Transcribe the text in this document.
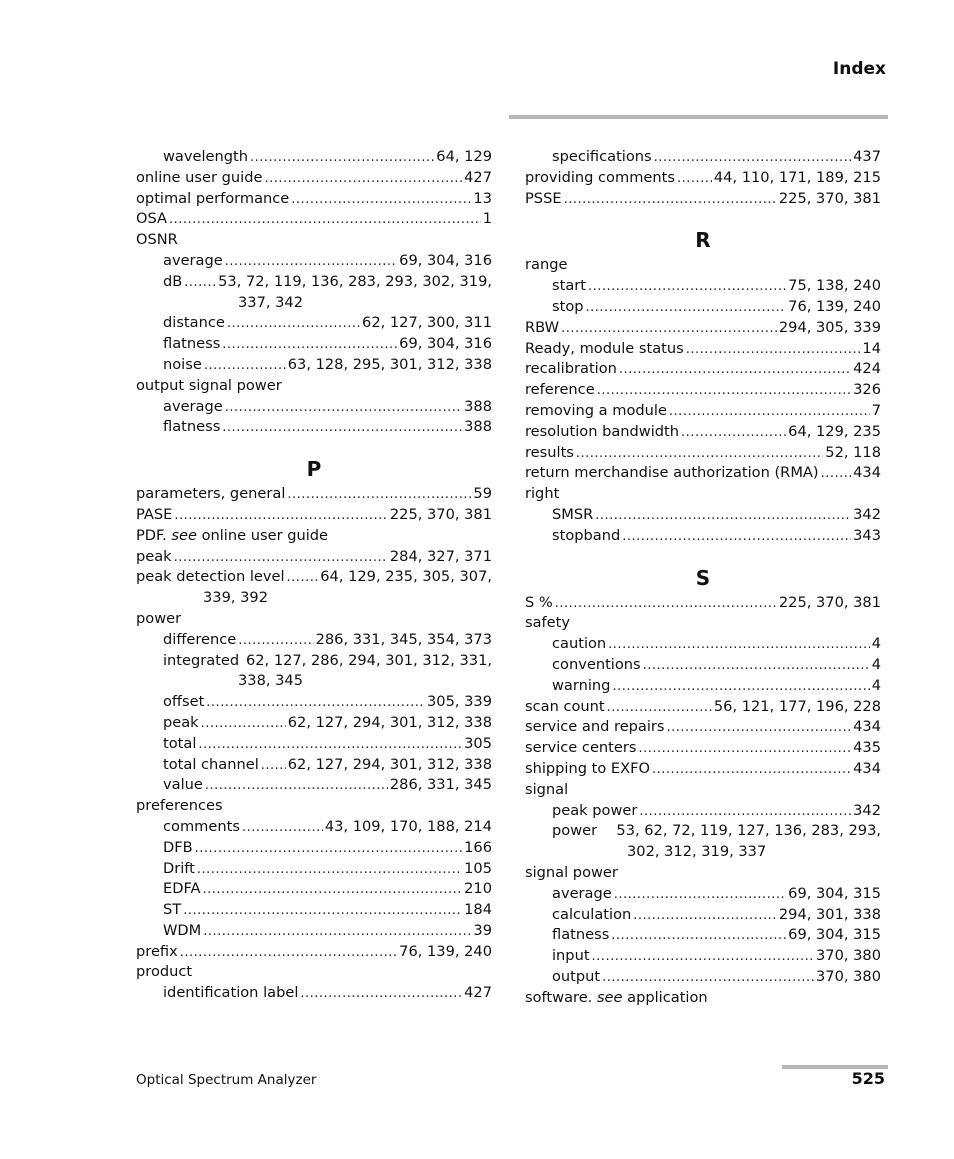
Index
wavelength .....	64, 129
online user guide .....	427
optimal performance .....	13
OSA .....	1
OSNR
average .....	69, 304, 316
dB ..... 53, 72, 119, 136, 283, 293, 302, 319,
337, 342
distance .....	62, 127, 300, 311
flatness .....	69, 304, 316
noise .....	63, 128, 295, 301, 312, 338
output signal power
average .....	388
flatness .....	388
P
parameters, general .....	59
PASE .....	225, 370, 381
PDF.
see
online user guide
peak .....	284, 327, 371
peak detection level ..... 64, 129, 235, 305, 307,
339, 392
power
difference .....	286, 331, 345, 354, 373
integrated 62, 127, 286, 294, 301, 312, 331,
338, 345
offset .....	305, 339
peak .....	62, 127, 294, 301, 312, 338
total .....	305
total channel ..... 62, 127, 294, 301, 312, 338
value .....	286, 331, 345
preferences
comments .....	43, 109, 170, 188, 214
DFB .....	166
Drift .....	105
EDFA .....	210
ST .....	184
WDM .....	39
prefix .....	76, 139, 240
product
identification label .....	427
specifications .....	437
providing comments .....	44, 110, 171, 189, 215
PSSE .....	225, 370, 381
R
range
start .....	75, 138, 240
stop .....	76, 139, 240
RBW .....	294, 305, 339
Ready, module status .....	14
recalibration .....	424
reference .....	326
removing a module .....	7
resolution bandwidth .....	64, 129, 235
results .....	52, 118
return merchandise authorization (RMA) ..... 434
right
SMSR .....	342
stopband .....	343
S
S % .....	225, 370, 381
safety
caution .....	4
conventions .....	4
warning .....	4
scan count .....	56, 121, 177, 196, 228
service and repairs .....	434
service centers .....	435
shipping to EXFO .....	434
signal
peak power .....	342
power 53, 62, 72, 119, 127, 136, 283, 293,
302, 312, 319, 337
signal power
average .....	69, 304, 315
calculation .....	294, 301, 338
flatness .....	69, 304, 315
input .....	370, 380
output .....	370, 380
software.
see
application
Optical Spectrum Analyzer	525
